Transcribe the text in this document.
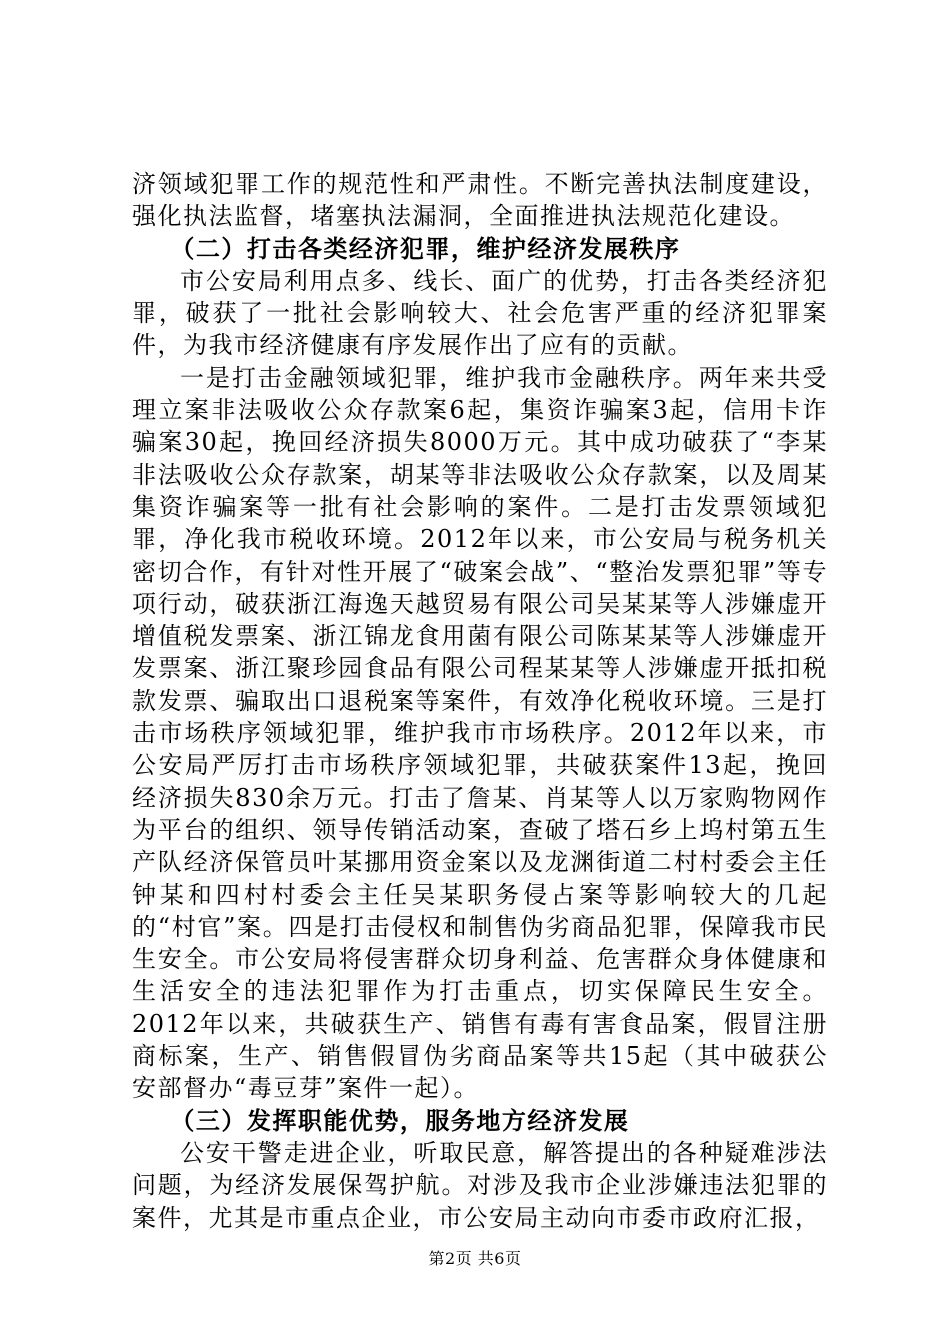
济领域犯罪工作的规范性和严肃性。不断完善执法制度建设，强化执法监督，堵塞执法漏洞，全面推进执法规范化建设。

（二）打击各类经济犯罪，维护经济发展秩序

市公安局利用点多、线长、面广的优势，打击各类经济犯罪，破获了一批社会影响较大、社会危害严重的经济犯罪案件，为我市经济健康有序发展作出了应有的贡献。

一是打击金融领域犯罪，维护我市金融秩序。两年来共受理立案非法吸收公众存款案6起，集资诈骗案3起，信用卡诈骗案30起，挽回经济损失8000万元。其中成功破获了“李某非法吸收公众存款案，胡某等非法吸收公众存款案，以及周某集资诈骗案等一批有社会影响的案件。二是打击发票领域犯罪，净化我市税收环境。2012年以来，市公安局与税务机关密切合作，有针对性开展了“破案会战”、“整治发票犯罪”等专项行动，破获浙江海逸天越贸易有限公司吴某某等人涉嫌虚开增值税发票案、浙江锦龙食用菌有限公司陈某某等人涉嫌虚开发票案、浙江聚珍园食品有限公司程某某等人涉嫌虚开抵扣税款发票、骗取出口退税案等案件，有效净化税收环境。三是打击市场秩序领域犯罪，维护我市市场秩序。2012年以来，市公安局严厉打击市场秩序领域犯罪，共破获案件13起，挽回经济损失830余万元。打击了詹某、肖某等人以万家购物网作为平台的组织、领导传销活动案，查破了塔石乡上坞村第五生产队经济保管员叶某挪用资金案以及龙渊街道二村村委会主任钟某和四村村委会主任吴某职务侵占案等影响较大的几起的“村官”案。四是打击侵权和制售伪劣商品犯罪，保障我市民生安全。市公安局将侵害群众切身利益、危害群众身体健康和生活安全的违法犯罪作为打击重点，切实保障民生安全。2012年以来，共破获生产、销售有毒有害食品案，假冒注册商标案，生产、销售假冒伪劣商品案等共15起（其中破获公安部督办“毒豆芽”案件一起）。

（三）发挥职能优势，服务地方经济发展

公安干警走进企业，听取民意，解答提出的各种疑难涉法问题，为经济发展保驾护航。对涉及我市企业涉嫌违法犯罪的案件，尤其是市重点企业，市公安局主动向市委市政府汇报，

第2页 共6页
